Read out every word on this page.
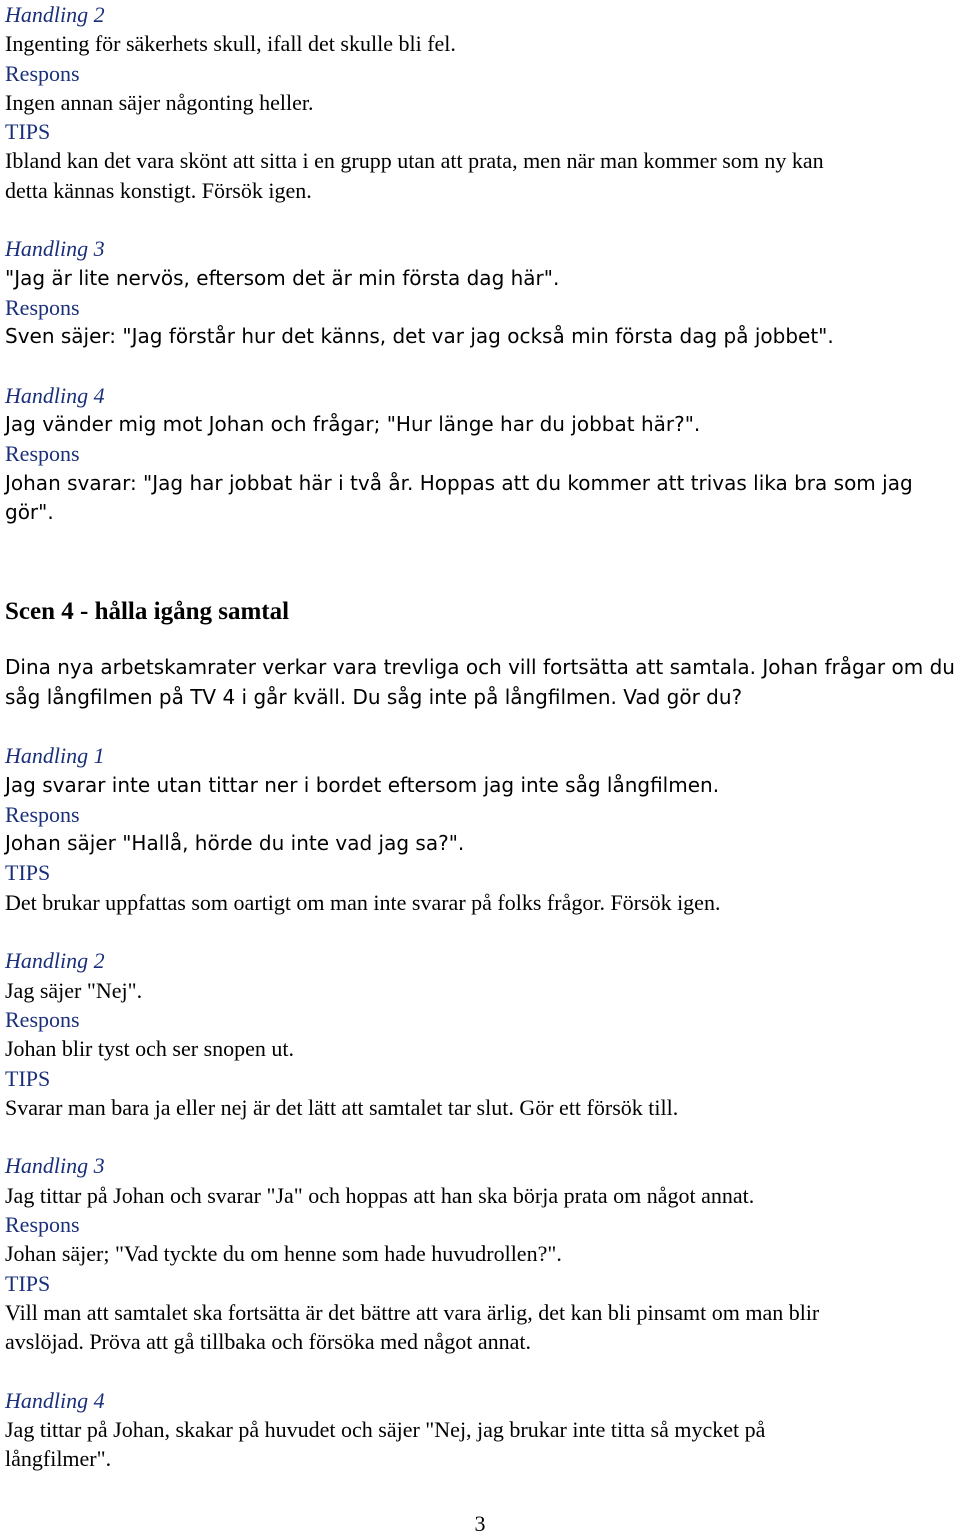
Handling 2

Ingenting för säkerhets skull, ifall det skulle bli fel.

Respons

Ingen annan säjer någonting heller.

TIPS

Ibland kan det vara skönt att sitta i en grupp utan att prata, men när man kommer som ny kan

detta kännas konstigt. Försök igen.

Handling 3

"Jag är lite nervös, eftersom det är min första dag här".

Respons

Sven säjer: "Jag förstår hur det känns, det var jag också min första dag på jobbet".

Handling 4

Jag vänder mig mot Johan och frågar; "Hur länge har du jobbat här?".

Respons

Johan svarar: "Jag har jobbat här i två år. Hoppas att du kommer att trivas lika bra som jag

gör".

Scen 4 - hålla igång samtal

Dina nya arbetskamrater verkar vara trevliga och vill fortsätta att samtala. Johan frågar om du

såg långfilmen på TV 4 i går kväll. Du såg inte på långfilmen. Vad gör du?

Handling 1

Jag svarar inte utan tittar ner i bordet eftersom jag inte såg långfilmen.

Respons

Johan säjer "Hallå, hörde du inte vad jag sa?".

TIPS

Det brukar uppfattas som oartigt om man inte svarar på folks frågor. Försök igen.

Handling 2

Jag säjer "Nej".

Respons

Johan blir tyst och ser snopen ut.

TIPS

Svarar man bara ja eller nej är det lätt att samtalet tar slut. Gör ett försök till.

Handling 3

Jag tittar på Johan och svarar "Ja" och hoppas att han ska börja prata om något annat.

Respons

Johan säjer; "Vad tyckte du om henne som hade huvudrollen?".

TIPS

Vill man att samtalet ska fortsätta är det bättre att vara ärlig, det kan bli pinsamt om man blir

avslöjad. Pröva att gå tillbaka och försöka med något annat.

Handling 4

Jag tittar på Johan, skakar på huvudet och säjer "Nej, jag brukar inte titta så mycket på

långfilmer".

3
